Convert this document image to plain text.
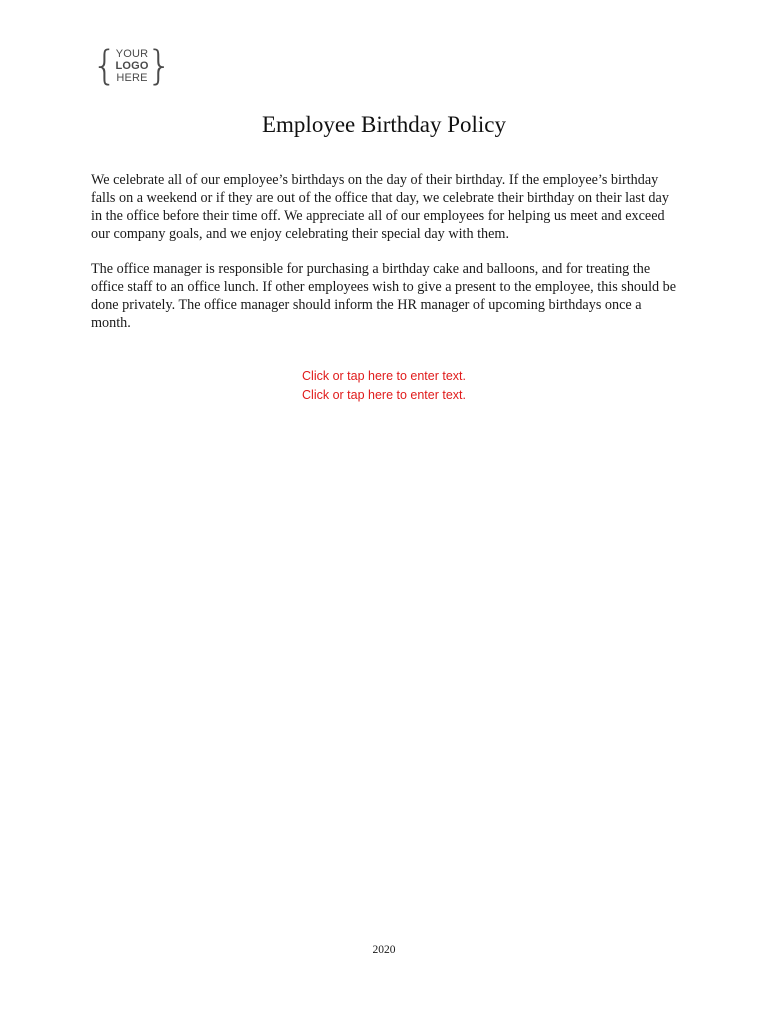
{
YOUR
LOGO
HERE
}
Employee Birthday Policy

We celebrate all of our employee’s birthdays on the day of their birthday. If the employee’s birthday falls on a weekend or if they are out of the office that day, we celebrate their birthday on their last day in the office before their time off. We appreciate all of our employees for helping us meet and exceed our company goals, and we enjoy celebrating their special day with them.

The office manager is responsible for purchasing a birthday cake and balloons, and for treating the office staff to an office lunch. If other employees wish to give a present to the employee, this should be done privately. The office manager should inform the HR manager of upcoming birthdays once a month.

Click or tap here to enter text.
Click or tap here to enter text.
2020
